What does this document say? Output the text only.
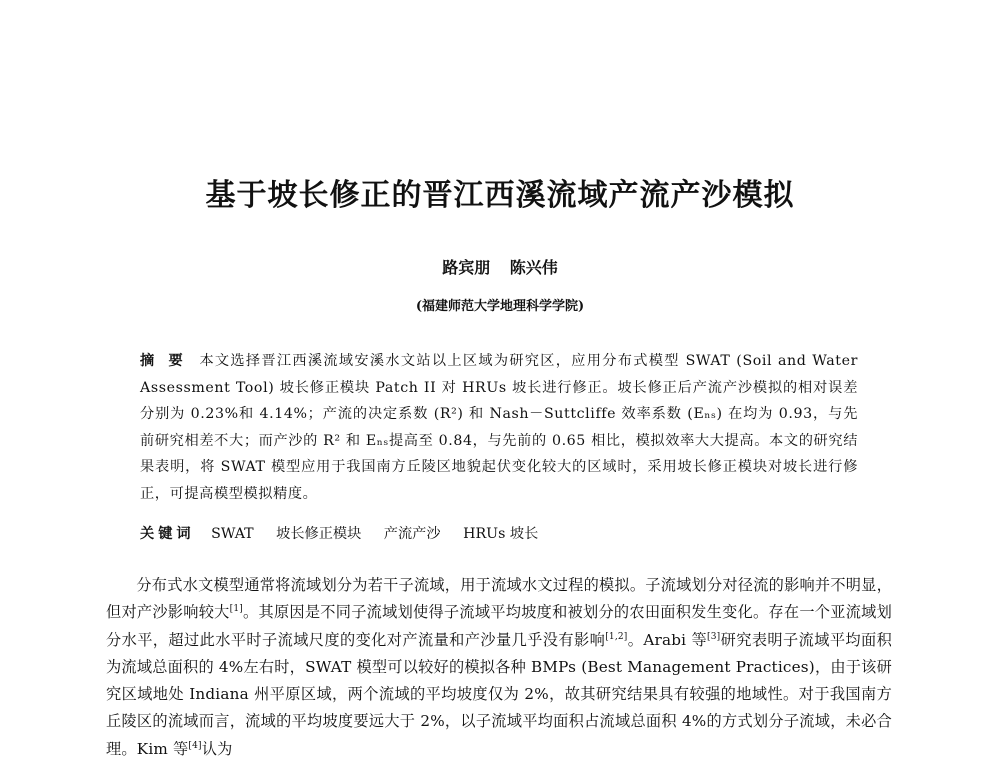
基于坡长修正的晋江西溪流域产流产沙模拟
路宾朋 陈兴伟
(福建师范大学地理科学学院)
摘 要 本文选择晋江西溪流域安溪水文站以上区域为研究区，应用分布式模型 SWAT (Soil and Water Assessment Tool) 坡长修正模块 Patch II 对 HRUs 坡长进行修正。坡长修正后产流产沙模拟的相对误差分别为 0.23%和 4.14%；产流的决定系数 (R²) 和 Nash－Suttcliffe 效率系数 (Eₙₛ) 在均为 0.93，与先前研究相差不大；而产沙的 R² 和 Eₙₛ提高至 0.84，与先前的 0.65 相比，模拟效率大大提高。本文的研究结果表明，将 SWAT 模型应用于我国南方丘陵区地貌起伏变化较大的区域时，采用坡长修正模块对坡长进行修正，可提高模型模拟精度。
关键词 SWAT 坡长修正模块 产流产沙 HRUs 坡长

分布式水文模型通常将流域划分为若干子流域，用于流域水文过程的模拟。子流域划分对径流的影响并不明显，但对产沙影响较大[1]。其原因是不同子流域划使得子流域平均坡度和被划分的农田面积发生变化。存在一个亚流域划分水平，超过此水平时子流域尺度的变化对产流量和产沙量几乎没有影响[1,2]。Arabi 等[3]研究表明子流域平均面积为流域总面积的 4%左右时，SWAT 模型可以较好的模拟各种 BMPs (Best Management Practices)，由于该研究区域地处 Indiana 州平原区域，两个流域的平均坡度仅为 2%，故其研究结果具有较强的地域性。对于我国南方丘陵区的流域而言，流域的平均坡度要远大于 2%，以子流域平均面积占流域总面积 4%的方式划分子流域，未必合理。Kim 等[4]认为
